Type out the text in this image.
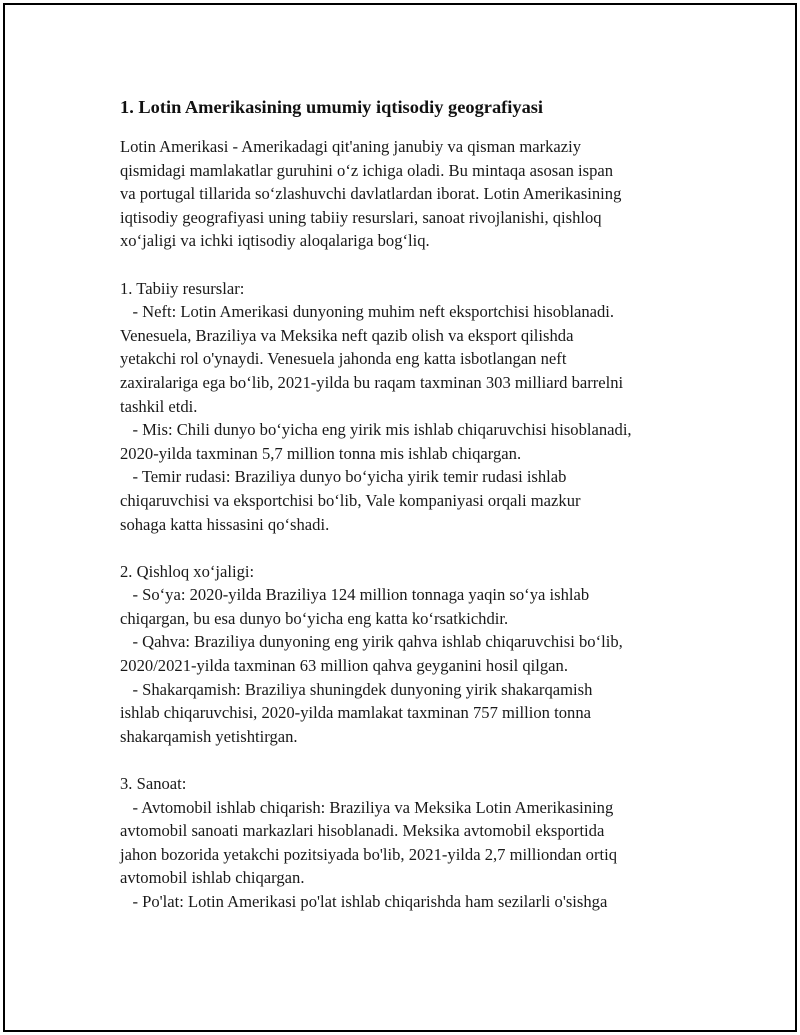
1. Lotin Amerikasining umumiy iqtisodiy geografiyasi
Lotin Amerikasi - Amerikadagi qit'aning janubiy va qisman markaziy
qismidagi mamlakatlar guruhini o‘z ichiga oladi. Bu mintaqa asosan ispan
va portugal tillarida so‘zlashuvchi davlatlardan iborat. Lotin Amerikasining
iqtisodiy geografiyasi uning tabiiy resurslari, sanoat rivojlanishi, qishloq
xo‘jaligi va ichki iqtisodiy aloqalariga bog‘liq.
1. Tabiiy resurslar:
- Neft: Lotin Amerikasi dunyoning muhim neft eksportchisi hisoblanadi.
Venesuela, Braziliya va Meksika neft qazib olish va eksport qilishda
yetakchi rol o'ynaydi. Venesuela jahonda eng katta isbotlangan neft
zaxiralariga ega bo‘lib, 2021-yilda bu raqam taxminan 303 milliard barrelni
tashkil etdi.
- Mis: Chili dunyo bo‘yicha eng yirik mis ishlab chiqaruvchisi hisoblanadi,
2020-yilda taxminan 5,7 million tonna mis ishlab chiqargan.
- Temir rudasi: Braziliya dunyo bo‘yicha yirik temir rudasi ishlab
chiqaruvchisi va eksportchisi bo‘lib, Vale kompaniyasi orqali mazkur
sohaga katta hissasini qo‘shadi.
2. Qishloq xo‘jaligi:
- So‘ya: 2020-yilda Braziliya 124 million tonnaga yaqin so‘ya ishlab
chiqargan, bu esa dunyo bo‘yicha eng katta ko‘rsatkichdir.
- Qahva: Braziliya dunyoning eng yirik qahva ishlab chiqaruvchisi bo‘lib,
2020/2021-yilda taxminan 63 million qahva geyganini hosil qilgan.
- Shakarqamish: Braziliya shuningdek dunyoning yirik shakarqamish
ishlab chiqaruvchisi, 2020-yilda mamlakat taxminan 757 million tonna
shakarqamish yetishtirgan.
3. Sanoat:
- Avtomobil ishlab chiqarish: Braziliya va Meksika Lotin Amerikasining
avtomobil sanoati markazlari hisoblanadi. Meksika avtomobil eksportida
jahon bozorida yetakchi pozitsiyada bo'lib, 2021-yilda 2,7 milliondan ortiq
avtomobil ishlab chiqargan.
- Po'lat: Lotin Amerikasi po'lat ishlab chiqarishda ham sezilarli o'sishga
